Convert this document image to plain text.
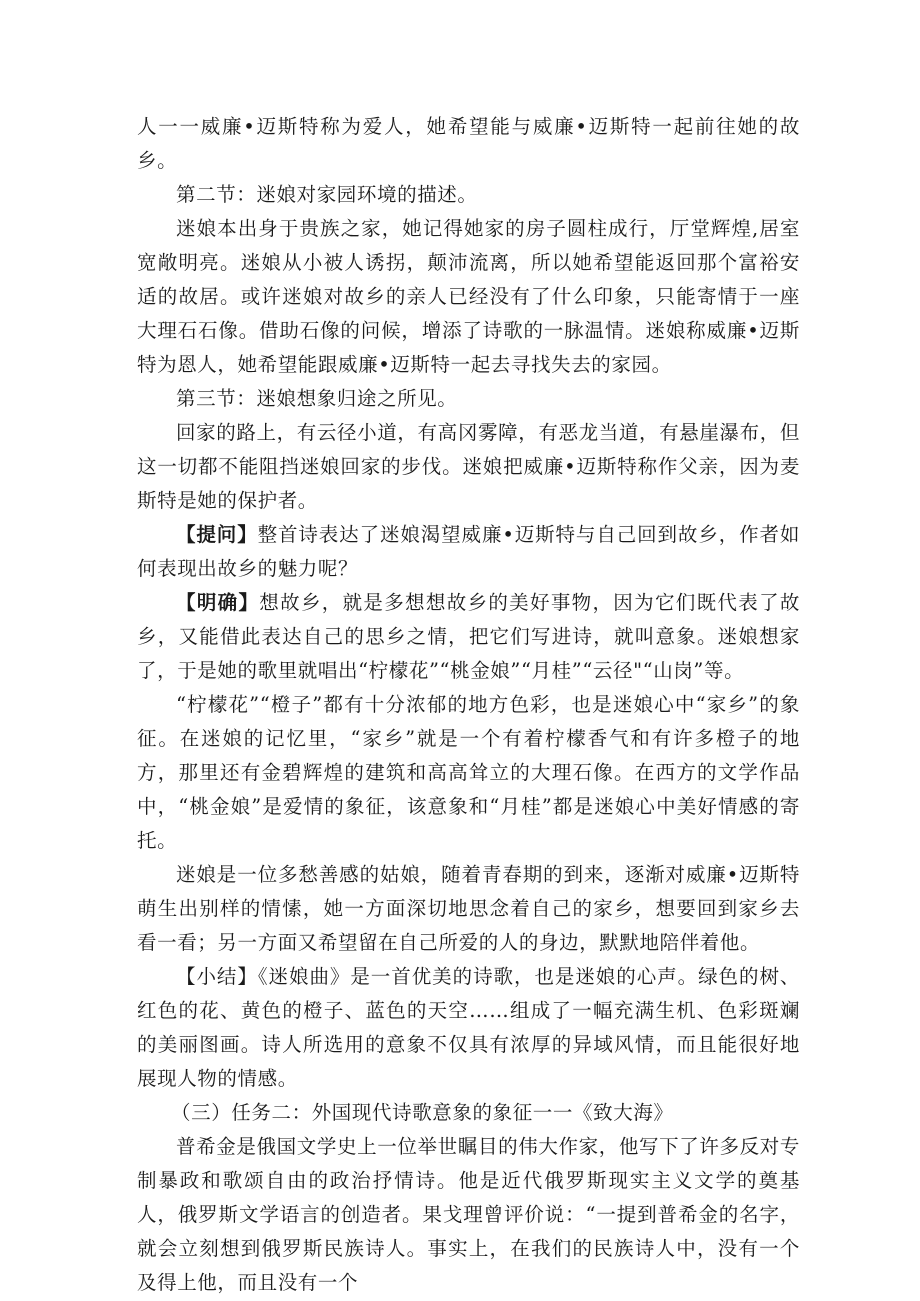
人一一威廉•迈斯特称为爱人，她希望能与威廉•迈斯特一起前往她的故乡。

第二节：迷娘对家园环境的描述。

迷娘本出身于贵族之家，她记得她家的房子圆柱成行，厅堂辉煌,居室宽敞明亮。迷娘从小被人诱拐，颠沛流离，所以她希望能返回那个富裕安适的故居。或许迷娘对故乡的亲人已经没有了什么印象，只能寄情于一座大理石石像。借助石像的问候，增添了诗歌的一脉温情。迷娘称威廉•迈斯特为恩人，她希望能跟威廉•迈斯特一起去寻找失去的家园。

第三节：迷娘想象归途之所见。

回家的路上，有云径小道，有高冈雾障，有恶龙当道，有悬崖瀑布，但这一切都不能阻挡迷娘回家的步伐。迷娘把威廉•迈斯特称作父亲，因为麦斯特是她的保护者。

【提问】整首诗表达了迷娘渴望威廉•迈斯特与自己回到故乡，作者如何表现出故乡的魅力呢？

【明确】想故乡，就是多想想故乡的美好事物，因为它们既代表了故乡，又能借此表达自己的思乡之情，把它们写进诗，就叫意象。迷娘想家了，于是她的歌里就唱出“柠檬花”“桃金娘”“月桂”“云径"“山岗”等。

“柠檬花”“橙子”都有十分浓郁的地方色彩，也是迷娘心中“家乡”的象征。在迷娘的记忆里，“家乡”就是一个有着柠檬香气和有许多橙子的地方，那里还有金碧辉煌的建筑和高高耸立的大理石像。在西方的文学作品中，“桃金娘”是爱情的象征，该意象和“月桂”都是迷娘心中美好情感的寄托。

迷娘是一位多愁善感的姑娘，随着青春期的到来，逐渐对威廉•迈斯特萌生出别样的情愫，她一方面深切地思念着自己的家乡，想要回到家乡去看一看；另一方面又希望留在自己所爱的人的身边，默默地陪伴着他。

【小结】《迷娘曲》是一首优美的诗歌，也是迷娘的心声。绿色的树、红色的花、黄色的橙子、蓝色的天空……组成了一幅充满生机、色彩斑斓的美丽图画。诗人所选用的意象不仅具有浓厚的异域风情，而且能很好地展现人物的情感。

（三）任务二：外国现代诗歌意象的象征一一《致大海》

普希金是俄国文学史上一位举世瞩目的伟大作家，他写下了许多反对专制暴政和歌颂自由的政治抒情诗。他是近代俄罗斯现实主义文学的奠基人，俄罗斯文学语言的创造者。果戈理曾评价说：“一提到普希金的名字，就会立刻想到俄罗斯民族诗人。事实上，在我们的民族诗人中，没有一个及得上他，而且没有一个
